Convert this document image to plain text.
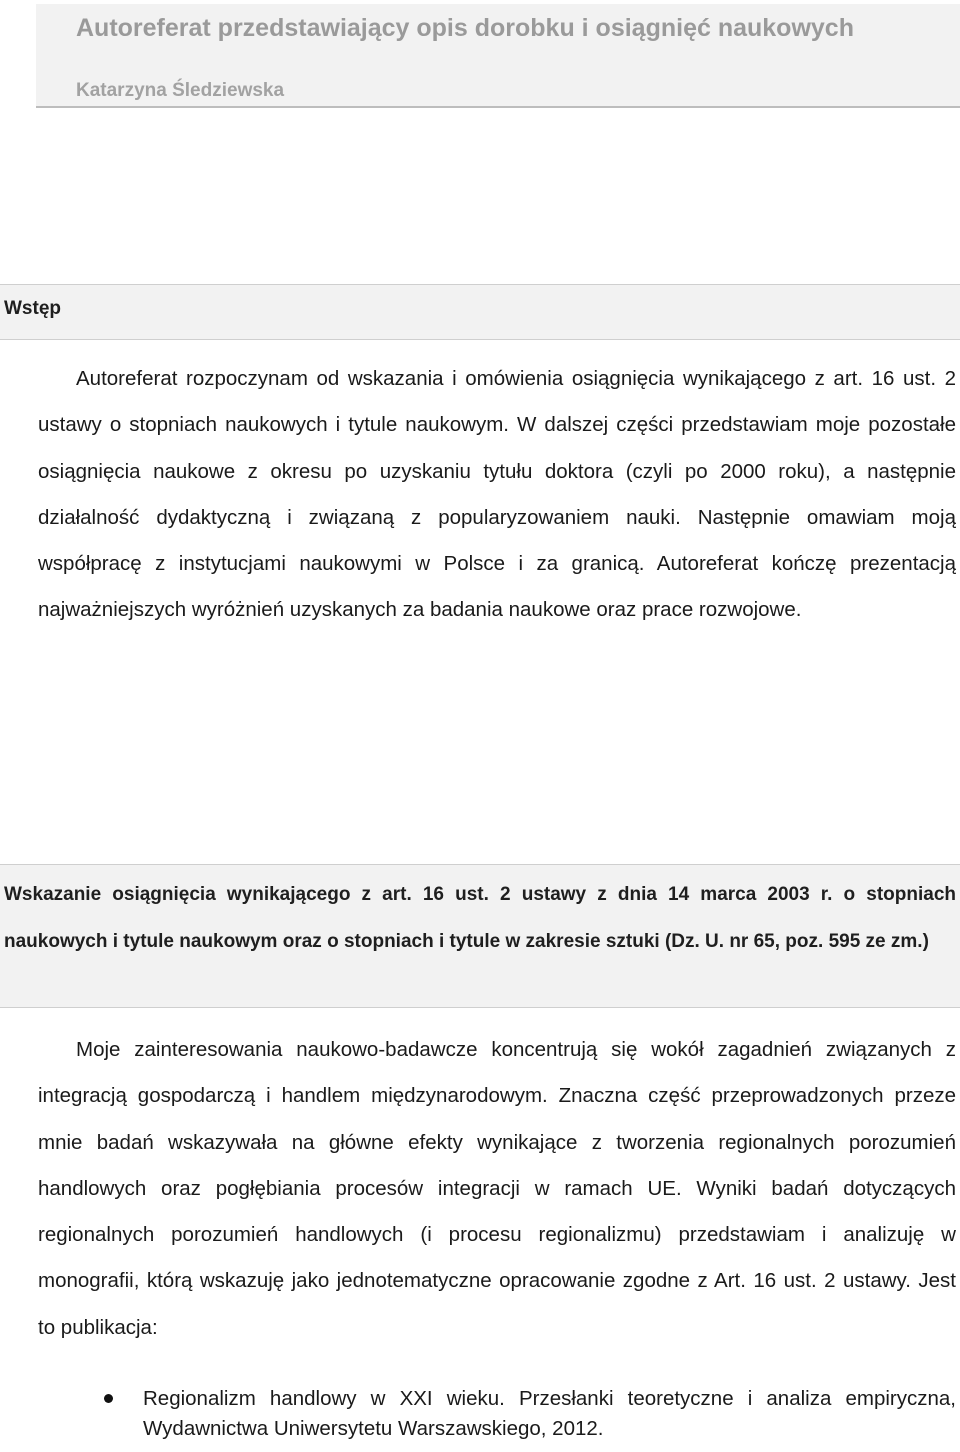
Autoreferat przedstawiający opis dorobku i osiągnięć naukowych
Katarzyna Śledziewska
Wstęp

Autoreferat rozpoczynam od wskazania i omówienia osiągnięcia wynikającego z art. 16 ust. 2 ustawy o stopniach naukowych i tytule naukowym. W dalszej części przedstawiam moje pozostałe osiągnięcia naukowe z okresu po uzyskaniu tytułu doktora (czyli po 2000 roku), a następnie działalność dydaktyczną i związaną z popularyzowaniem nauki. Następnie omawiam moją współpracę z instytucjami naukowymi w Polsce i za granicą. Autoreferat kończę prezentacją najważniejszych wyróżnień uzyskanych za badania naukowe oraz prace rozwojowe.

Wskazanie osiągnięcia wynikającego z art. 16 ust. 2 ustawy z dnia 14 marca 2003 r. o stopniach naukowych i tytule naukowym oraz o stopniach i tytule w zakresie sztuki (Dz. U. nr 65, poz. 595 ze zm.)

Moje zainteresowania naukowo-badawcze koncentrują się wokół zagadnień związanych z integracją gospodarczą i handlem międzynarodowym. Znaczna część przeprowadzonych przeze mnie badań wskazywała na główne efekty wynikające z tworzenia regionalnych porozumień handlowych oraz pogłębiania procesów integracji w ramach UE. Wyniki badań dotyczących regionalnych porozumień handlowych (i procesu regionalizmu) przedstawiam i analizuję w monografii, którą wskazuję jako jednotematyczne opracowanie zgodne z Art. 16 ust. 2 ustawy. Jest to publikacja:

Regionalizm handlowy w XXI wieku. Przesłanki teoretyczne i analiza empiryczna, Wydawnictwa Uniwersytetu Warszawskiego, 2012.
